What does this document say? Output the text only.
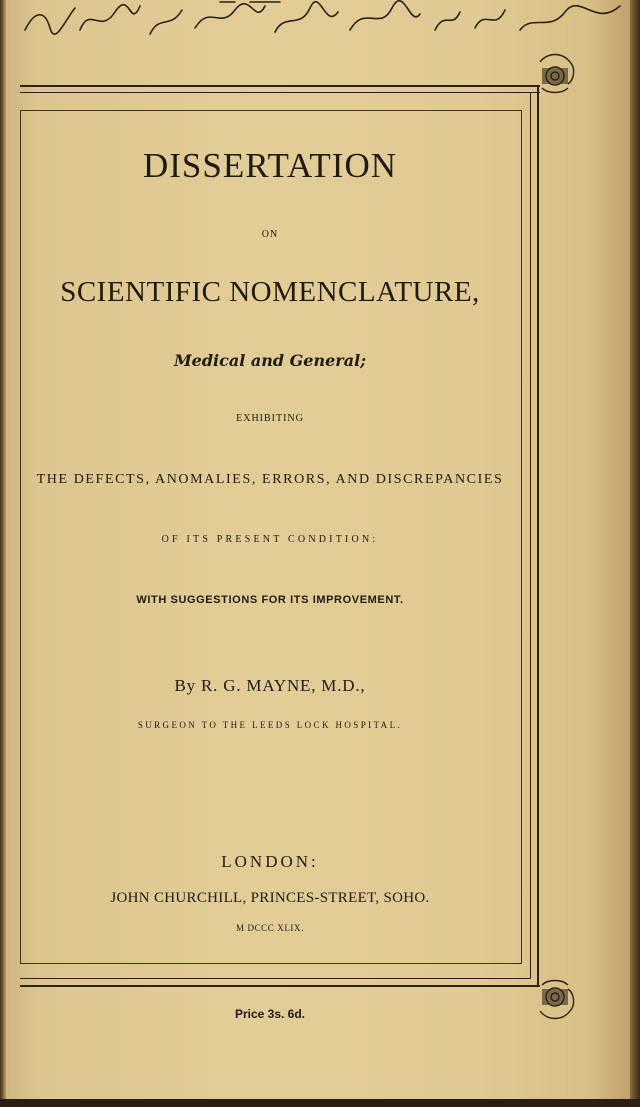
DISSERTATION
ON
SCIENTIFIC NOMENCLATURE,
Medical and General;
EXHIBITING
THE DEFECTS, ANOMALIES, ERRORS, AND DISCREPANCIES
OF ITS PRESENT CONDITION:
WITH SUGGESTIONS FOR ITS IMPROVEMENT.
By R. G. MAYNE, M.D.,
SURGEON TO THE LEEDS LOCK HOSPITAL.
LONDON:
JOHN CHURCHILL, PRINCES-STREET, SOHO.
M DCCC XLIX.
Price 3s. 6d.
